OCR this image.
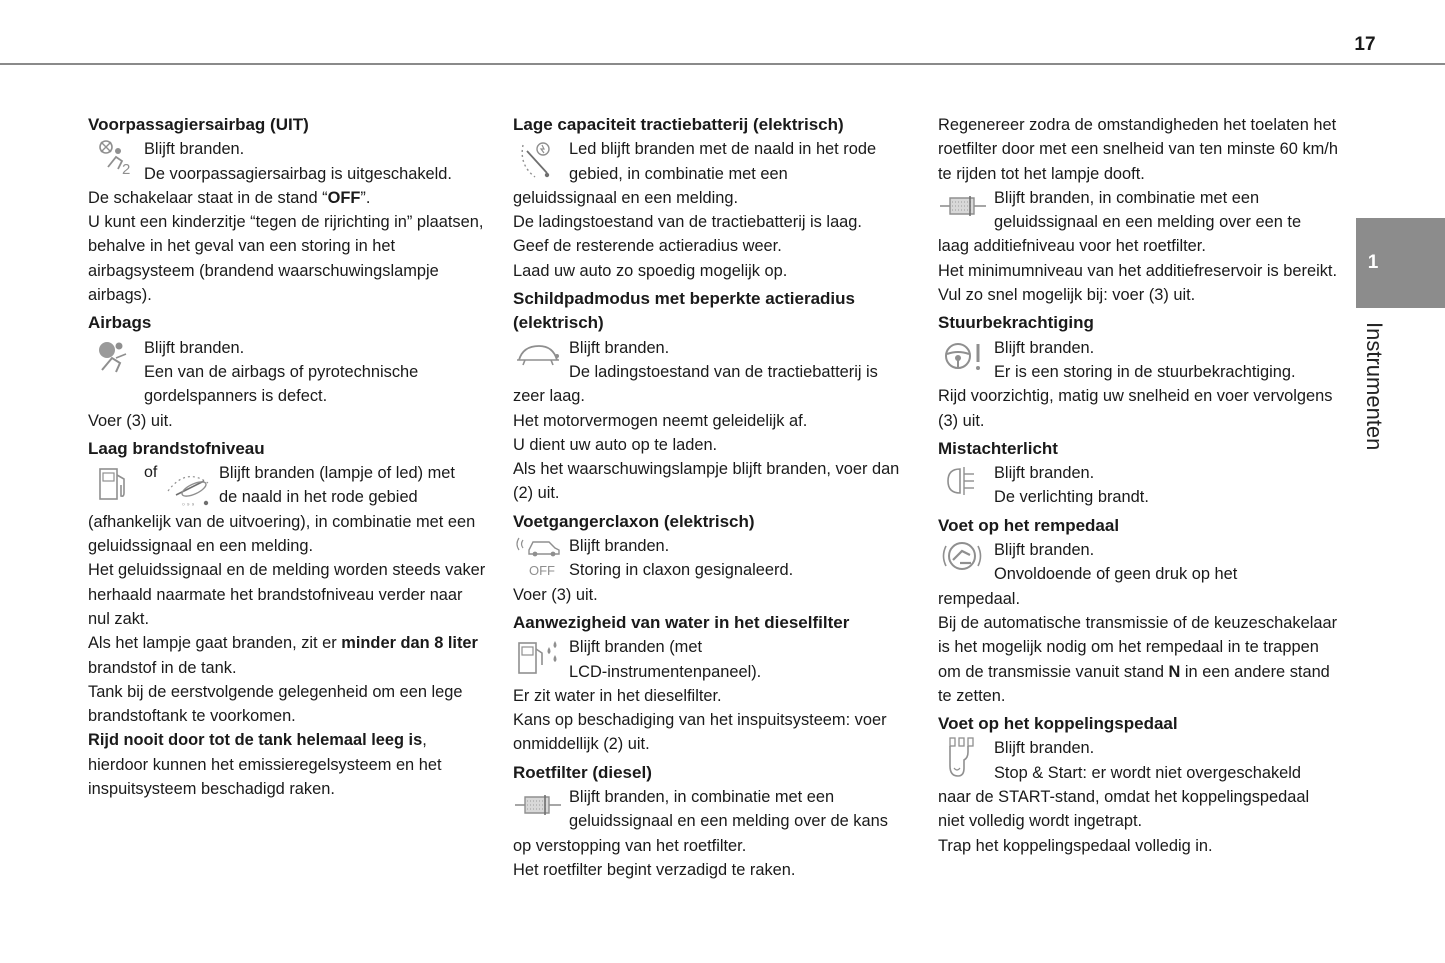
17
1
Instrumenten
Voorpassagiersairbag (UIT)
2
Blijft branden.
De voorpassagiersairbag is uitgeschakeld.

De schakelaar staat in de stand “OFF”.

U kunt een kinderzitje “tegen de rijrichting in” plaatsen, behalve in het geval van een storing in het airbagsysteem (brandend waarschuwingslampje airbags).

Airbags
Blijft branden.
Een van de airbags of pyrotechnische gordelspanners is defect.

Voer (3) uit.

Laag brandstofniveau
of
₀ ₉ ₉
Blijft branden (lampje of led) met
de naald in het rode gebied

(afhankelijk van de uitvoering), in combinatie met een geluidssignaal en een melding.

Het geluidssignaal en de melding worden steeds vaker herhaald naarmate het brandstofniveau verder naar nul zakt.

Als het lampje gaat branden, zit er minder dan 8 liter brandstof in de tank.

Tank bij de eerstvolgende gelegenheid om een lege brandstoftank te voorkomen.

Rijd nooit door tot de tank helemaal leeg is, hierdoor kunnen het emissieregelsysteem en het inspuitsysteem beschadigd raken.

Lage capaciteit tractiebatterij (elektrisch)
Led blijft branden met de naald in het rode
gebied, in combinatie met een

geluidssignaal en een melding.

De ladingstoestand van de tractiebatterij is laag.

Geef de resterende actieradius weer.

Laad uw auto zo spoedig mogelijk op.

Schildpadmodus met beperkte actieradius (elektrisch)
Blijft branden.
De ladingstoestand van de tractiebatterij is

zeer laag.

Het motorvermogen neemt geleidelijk af.

U dient uw auto op te laden.

Als het waarschuwingslampje blijft branden, voer dan (2) uit.

Voetgangerclaxon (elektrisch)
OFF
Blijft branden.
Storing in claxon gesignaleerd.

Voer (3) uit.

Aanwezigheid van water in het dieselfilter
Blijft branden (met
LCD-instrumentenpaneel).

Er zit water in het dieselfilter.

Kans op beschadiging van het inspuitsysteem: voer onmiddellijk (2) uit.

Roetfilter (diesel)
Blijft branden, in combinatie met een
geluidssignaal en een melding over de kans

op verstopping van het roetfilter.

Het roetfilter begint verzadigd te raken.

Regenereer zodra de omstandigheden het toelaten het roetfilter door met een snelheid van ten minste 60 km/h te rijden tot het lampje dooft.

Blijft branden, in combinatie met een
geluidssignaal en een melding over een te

laag additiefniveau voor het roetfilter.

Het minimumniveau van het additiefreservoir is bereikt.

Vul zo snel mogelijk bij: voer (3) uit.

Stuurbekrachtiging
Blijft branden.
Er is een storing in de stuurbekrachtiging.

Rijd voorzichtig, matig uw snelheid en voer vervolgens (3) uit.

Mistachterlicht
Blijft branden.
De verlichting brandt.
Voet op het rempedaal
Blijft branden.
Onvoldoende of geen druk op het

rempedaal.

Bij de automatische transmissie of de keuzeschakelaar is het mogelijk nodig om het rempedaal in te trappen om de transmissie vanuit stand N in een andere stand te zetten.

Voet op het koppelingspedaal
Blijft branden.
Stop & Start: er wordt niet overgeschakeld

naar de START-stand, omdat het koppelingspedaal niet volledig wordt ingetrapt.

Trap het koppelingspedaal volledig in.
